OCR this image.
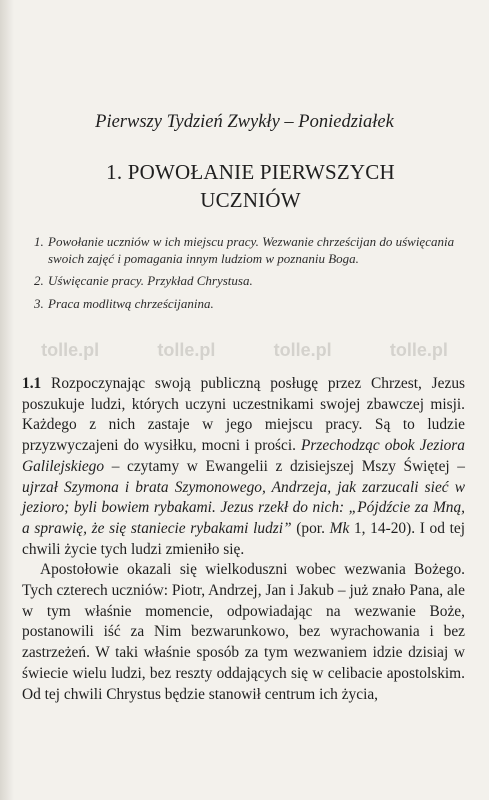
Pierwszy Tydzień Zwykły – Poniedziałek
1. POWOŁANIE PIERWSZYCH
UCZNIÓW
1. Powołanie uczniów w ich miejscu pracy. Wezwanie chrześcijan do uświęcania swoich zajęć i pomagania innym ludziom w poznaniu Boga.
2. Uświęcanie pracy. Przykład Chrystusa.
3. Praca modlitwą chrześcijanina.
tolle.pl	tolle.pl	tolle.pl	tolle.pl

1.1 Rozpoczynając swoją publiczną posługę przez Chrzest, Jezus poszukuje ludzi, których uczyni uczestnikami swojej zbawczej misji. Każdego z nich zastaje w jego miejscu pracy. Są to ludzie przyzwyczajeni do wysiłku, mocni i prości. Przechodząc obok Jeziora Galilejskiego – czytamy w Ewangelii z dzisiejszej Mszy Świętej – ujrzał Szymona i brata Szymonowego, Andrzeja, jak zarzucali sieć w jezioro; byli bowiem rybakami. Jezus rzekł do nich: „Pójdźcie za Mną, a sprawię, że się staniecie rybakami ludzi” (por. Mk 1, 14-20). I od tej chwili życie tych ludzi zmieniło się.

Apostołowie okazali się wielkoduszni wobec wezwania Bożego. Tych czterech uczniów: Piotr, Andrzej, Jan i Jakub – już znało Pana, ale w tym właśnie momencie, odpowiadając na wezwanie Boże, postanowili iść za Nim bezwarunkowo, bez wyrachowania i bez zastrzeżeń. W taki właśnie sposób za tym wezwaniem idzie dzisiaj w świecie wielu ludzi, bez reszty oddających się w celibacie apostolskim. Od tej chwili Chrystus będzie stanowił centrum ich życia,
